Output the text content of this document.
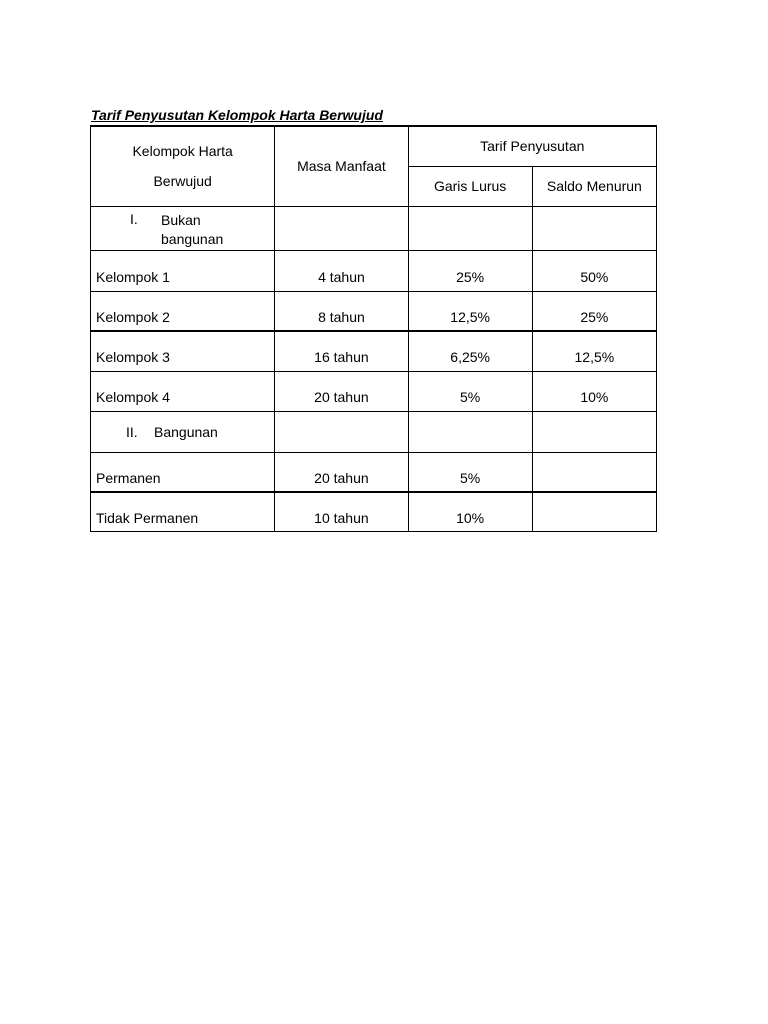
Tarif Penyusutan Kelompok Harta Berwujud
Kelompok Harta
Berwujud	Masa Manfaat	Tarif Penyusutan	
		Garis Lurus	Saldo Menurun

I. Bukan
bangunan			

Kelompok 1	4 tahun	25%	50%
Kelompok 2	8 tahun	12,5%	25%
Kelompok 3	16 tahun	6,25%	12,5%
Kelompok 4	20 tahun	5%	10%

II. Bangunan			

Permanen	20 tahun	5%	
Tidak Permanen	10 tahun	10%	
